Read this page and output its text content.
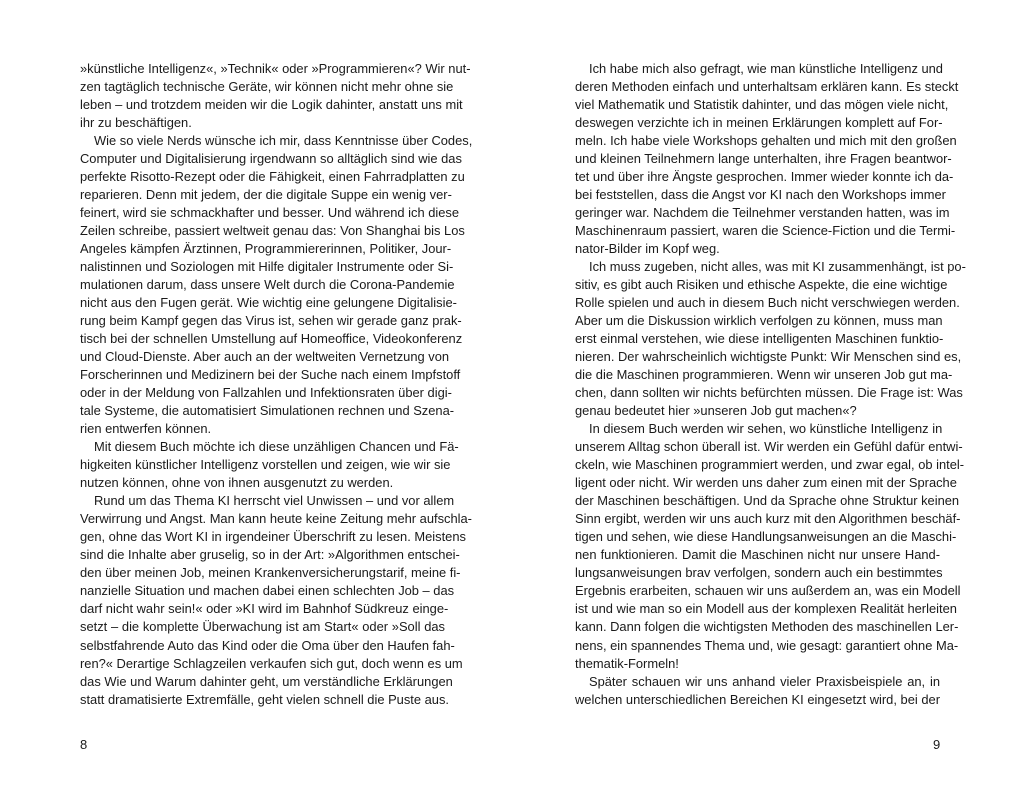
»künstliche Intelligenz«, »Technik« oder »Programmieren«? Wir nut-
zen tagtäglich technische Geräte, wir können nicht mehr ohne sie
leben – und trotzdem meiden wir die Logik dahinter, anstatt uns mit
ihr zu beschäftigen.
Wie so viele Nerds wünsche ich mir, dass Kenntnisse über Codes,
Computer und Digitalisierung irgendwann so alltäglich sind wie das
perfekte Risotto-Rezept oder die Fähigkeit, einen Fahrradplatten zu
reparieren. Denn mit jedem, der die digitale Suppe ein wenig ver-
feinert, wird sie schmackhafter und besser. Und während ich diese
Zeilen schreibe, passiert weltweit genau das: Von Shanghai bis Los
Angeles kämpfen Ärztinnen, Programmiererinnen, Politiker, Jour-
nalistinnen und Soziologen mit Hilfe digitaler Instrumente oder Si-
mulationen darum, dass unsere Welt durch die Corona-Pandemie
nicht aus den Fugen gerät. Wie wichtig eine gelungene Digitalisie-
rung beim Kampf gegen das Virus ist, sehen wir gerade ganz prak-
tisch bei der schnellen Umstellung auf Homeoffice, Videokonferenz
und Cloud-Dienste. Aber auch an der weltweiten Vernetzung von
Forscherinnen und Medizinern bei der Suche nach einem Impfstoff
oder in der Meldung von Fallzahlen und Infektionsraten über digi-
tale Systeme, die automatisiert Simulationen rechnen und Szena-
rien entwerfen können.
Mit diesem Buch möchte ich diese unzähligen Chancen und Fä-
higkeiten künstlicher Intelligenz vorstellen und zeigen, wie wir sie
nutzen können, ohne von ihnen ausgenutzt zu werden.
Rund um das Thema KI herrscht viel Unwissen – und vor allem
Verwirrung und Angst. Man kann heute keine Zeitung mehr aufschla-
gen, ohne das Wort KI in irgendeiner Überschrift zu lesen. Meistens
sind die Inhalte aber gruselig, so in der Art: »Algorithmen entschei-
den über meinen Job, meinen Krankenversicherungstarif, meine fi-
nanzielle Situation und machen dabei einen schlechten Job – das
darf nicht wahr sein!« oder »KI wird im Bahnhof Südkreuz einge-
setzt – die komplette Überwachung ist am Start« oder »Soll das
selbstfahrende Auto das Kind oder die Oma über den Haufen fah-
ren?« Derartige Schlagzeilen verkaufen sich gut, doch wenn es um
das Wie und Warum dahinter geht, um verständliche Erklärungen
statt dramatisierte Extremfälle, geht vielen schnell die Puste aus.
Ich habe mich also gefragt, wie man künstliche Intelligenz und
deren Methoden einfach und unterhaltsam erklären kann. Es steckt
viel Mathematik und Statistik dahinter, und das mögen viele nicht,
deswegen verzichte ich in meinen Erklärungen komplett auf For-
meln. Ich habe viele Workshops gehalten und mich mit den großen
und kleinen Teilnehmern lange unterhalten, ihre Fragen beantwor-
tet und über ihre Ängste gesprochen. Immer wieder konnte ich da-
bei feststellen, dass die Angst vor KI nach den Workshops immer
geringer war. Nachdem die Teilnehmer verstanden hatten, was im
Maschinenraum passiert, waren die Science-Fiction und die Termi-
nator-Bilder im Kopf weg.
Ich muss zugeben, nicht alles, was mit KI zusammenhängt, ist po-
sitiv, es gibt auch Risiken und ethische Aspekte, die eine wichtige
Rolle spielen und auch in diesem Buch nicht verschwiegen werden.
Aber um die Diskussion wirklich verfolgen zu können, muss man
erst einmal verstehen, wie diese intelligenten Maschinen funktio-
nieren. Der wahrscheinlich wichtigste Punkt: Wir Menschen sind es,
die die Maschinen programmieren. Wenn wir unseren Job gut ma-
chen, dann sollten wir nichts befürchten müssen. Die Frage ist: Was
genau bedeutet hier »unseren Job gut machen«?
In diesem Buch werden wir sehen, wo künstliche Intelligenz in
unserem Alltag schon überall ist. Wir werden ein Gefühl dafür entwi-
ckeln, wie Maschinen programmiert werden, und zwar egal, ob intel-
ligent oder nicht. Wir werden uns daher zum einen mit der Sprache
der Maschinen beschäftigen. Und da Sprache ohne Struktur keinen
Sinn ergibt, werden wir uns auch kurz mit den Algorithmen beschäf-
tigen und sehen, wie diese Handlungsanweisungen an die Maschi-
nen funktionieren. Damit die Maschinen nicht nur unsere Hand-
lungsanweisungen brav verfolgen, sondern auch ein bestimmtes
Ergebnis erarbeiten, schauen wir uns außerdem an, was ein Modell
ist und wie man so ein Modell aus der komplexen Realität herleiten
kann. Dann folgen die wichtigsten Methoden des maschinellen Ler-
nens, ein spannendes Thema und, wie gesagt: garantiert ohne Ma-
thematik-Formeln!
Später schauen wir uns anhand vieler Praxisbeispiele an, in
welchen unterschiedlichen Bereichen KI eingesetzt wird, bei der
8	9
